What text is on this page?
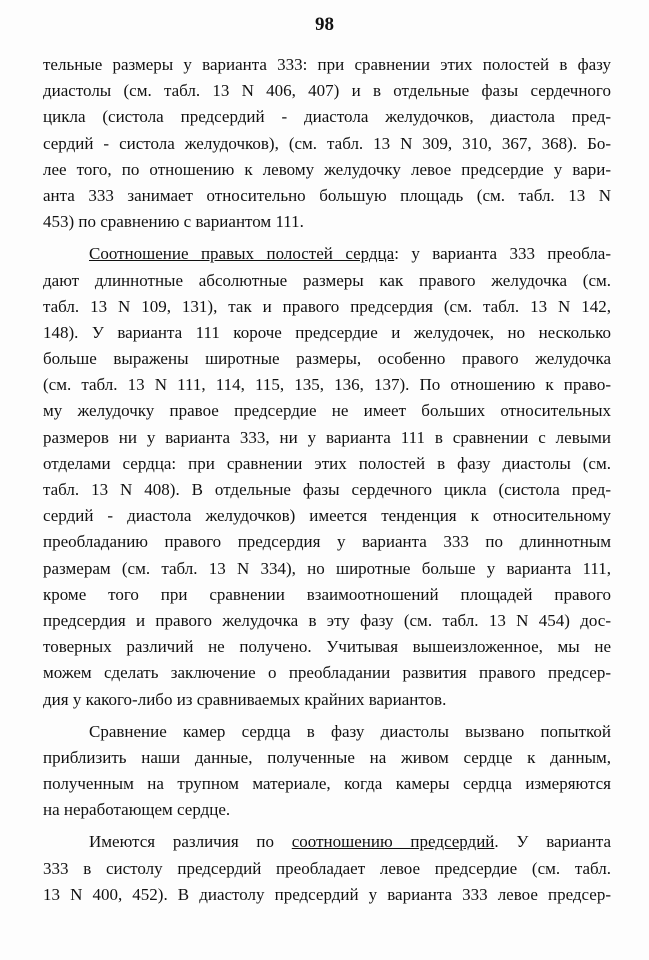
98
тельные размеры у варианта 333: при сравнении этих полостей в фазу
диастолы (см. табл. 13 N 406, 407) и в отдельные фазы сердечного
цикла (систола предсердий - диастола желудочков, диастола пред-
сердий - систола желудочков), (см. табл. 13 N 309, 310, 367, 368). Бо-
лее того, по отношению к левому желудочку левое предсердие у вари-
анта 333 занимает относительно большую площадь (см. табл. 13 N
453) по сравнению с вариантом 111.
Соотношение правых полостей сердца: у варианта 333 преобла-
дают длиннотные абсолютные размеры как правого желудочка (см.
табл. 13 N 109, 131), так и правого предсердия (см. табл. 13 N 142,
148). У варианта 111 короче предсердие и желудочек, но несколько
больше выражены широтные размеры, особенно правого желудочка
(см. табл. 13 N 111, 114, 115, 135, 136, 137). По отношению к право-
му желудочку правое предсердие не имеет больших относительных
размеров ни у варианта 333, ни у варианта 111 в сравнении с левыми
отделами сердца: при сравнении этих полостей в фазу диастолы (см.
табл. 13 N 408). В отдельные фазы сердечного цикла (систола пред-
сердий - диастола желудочков) имеется тенденция к относительному
преобладанию правого предсердия у варианта 333 по длиннотным
размерам (см. табл. 13 N 334), но широтные больше у варианта 111,
кроме того при сравнении взаимоотношений площадей правого
предсердия и правого желудочка в эту фазу (см. табл. 13 N 454) дос-
товерных различий не получено. Учитывая вышеизложенное, мы не
можем сделать заключение о преобладании развития правого предсер-
дия у какого-либо из сравниваемых крайних вариантов.
Сравнение камер сердца в фазу диастолы вызвано попыткой
приблизить наши данные, полученные на живом сердце к данным,
полученным на трупном материале, когда камеры сердца измеряются
на неработающем сердце.
Имеются различия по соотношению предсердий. У варианта
333 в систолу предсердий преобладает левое предсердие (см. табл.
13 N 400, 452). В диастолу предсердий у варианта 333 левое предсер-
